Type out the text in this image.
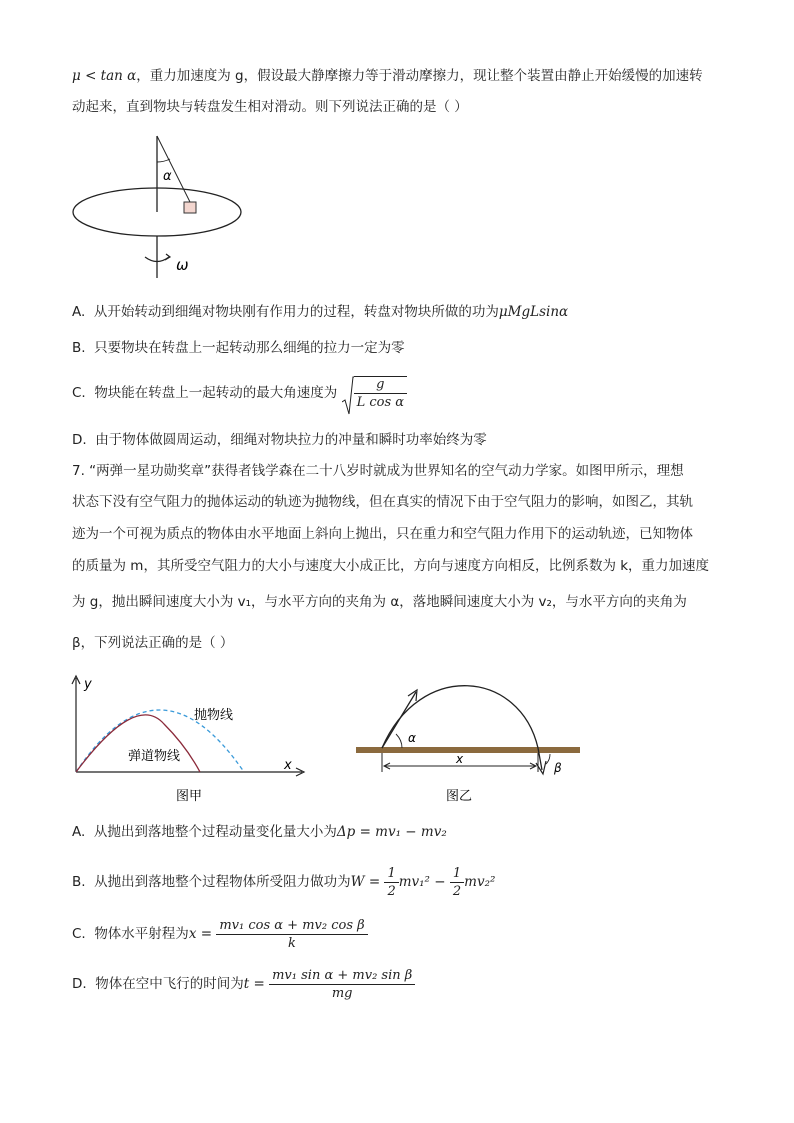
μ < tan α，重力加速度为 g，假设最大静摩擦力等于滑动摩擦力，现让整个装置由静止开始缓慢的加速转
动起来，直到物块与转盘发生相对滑动。则下列说法正确的是（ ）
α
ω
A. 从开始转动到细绳对物块刚有作用力的过程，转盘对物块所做的功为μMgLsinα
B. 只要物块在转盘上一起转动那么细绳的拉力一定为零
C. 物块能在转盘上一起转动的最大角速度为 $\frac{g}{\text{L cos α}}$
D. 由于物体做圆周运动，细绳对物块拉力的冲量和瞬时功率始终为零
7. “两弹一星功勋奖章”获得者钱学森在二十八岁时就成为世界知名的空气动力学家。如图甲所示，理想
状态下没有空气阻力的抛体运动的轨迹为抛物线，但在真实的情况下由于空气阻力的影响，如图乙，其轨
迹为一个可视为质点的物体由水平地面上斜向上抛出，只在重力和空气阻力作用下的运动轨迹，已知物体
的质量为 m，其所受空气阻力的大小与速度大小成正比，方向与速度方向相反，比例系数为 k，重力加速度
为 g，抛出瞬间速度大小为 v₁，与水平方向的夹角为 α，落地瞬间速度大小为 v₂，与水平方向的夹角为
β，下列说法正确的是（ ）
y
x
抛物线
弹道物线
图甲
α
β
x
图乙
A. 从抛出到落地整个过程动量变化量大小为Δp = mv₁ − mv₂
B. 从抛出到落地整个过程物体所受阻力做功为$W = \frac{1}{2} mv_1^2 - \frac{1}{2} mv_2^2$
C. 物体水平射程为$x = \frac{\text{mv₁ cos α + mv₂ cos β}}{k}$
D. 物体在空中飞行的时间为$t = \frac{\text{mv₁ sin α + mv₂ sin β}}{mg}$
